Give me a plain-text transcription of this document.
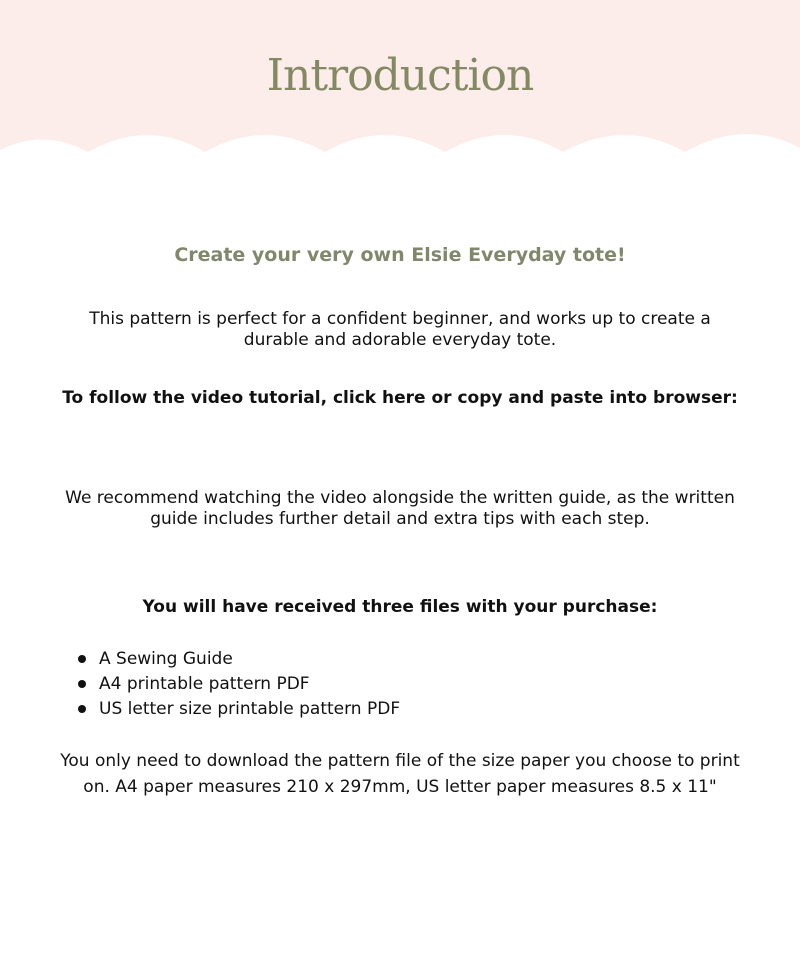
Introduction
Create your very own Elsie Everyday tote!
This pattern is perfect for a confident beginner, and works up to create a durable and adorable everyday tote.
To follow the video tutorial, click here or copy and paste into browser:
We recommend watching the video alongside the written guide, as the written guide includes further detail and extra tips with each step.
You will have received three files with your purchase:
A Sewing Guide
A4 printable pattern PDF
US letter size printable pattern PDF
You only need to download the pattern file of the size paper you choose to print on. A4 paper measures 210 x 297mm, US letter paper measures 8.5 x 11"
